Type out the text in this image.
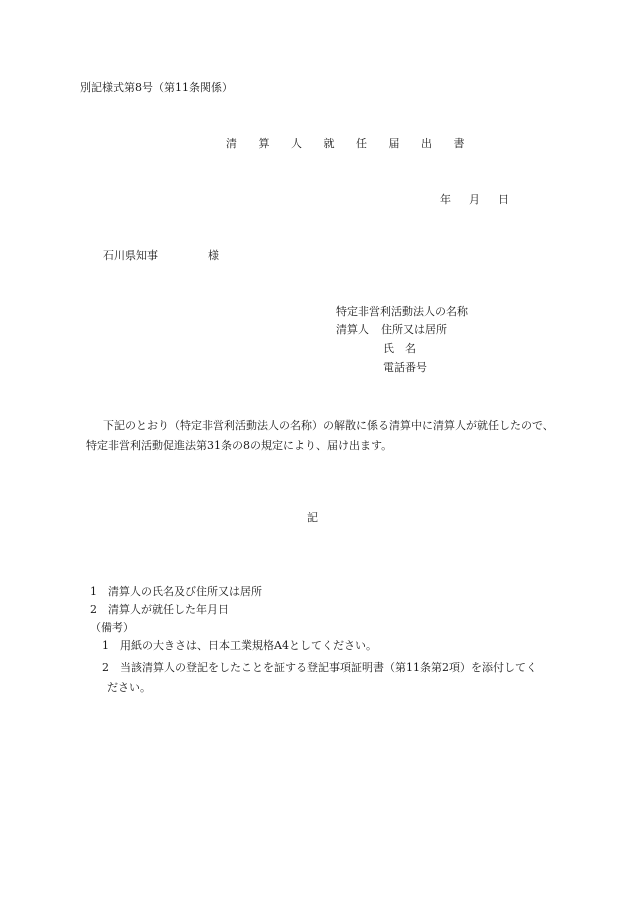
別記様式第8号（第11条関係）
清 算 人 就 任 届 出 書
年 月 日
石川県知事	様
特定非営利活動法人の名称
清算人 住所又は居所
氏　名
電話番号
下記のとおり（特定非営利活動法人の名称）の解散に係る清算中に清算人が就任したので、特定非営利活動促進法第31条の8の規定により、届け出ます。
記
1 清算人の氏名及び住所又は居所
2 清算人が就任した年月日
（備考）
1 用紙の大きさは、日本工業規格A4としてください。
2 当該清算人の登記をしたことを証する登記事項証明書（第11条第2項）を添付してく
ださい。
